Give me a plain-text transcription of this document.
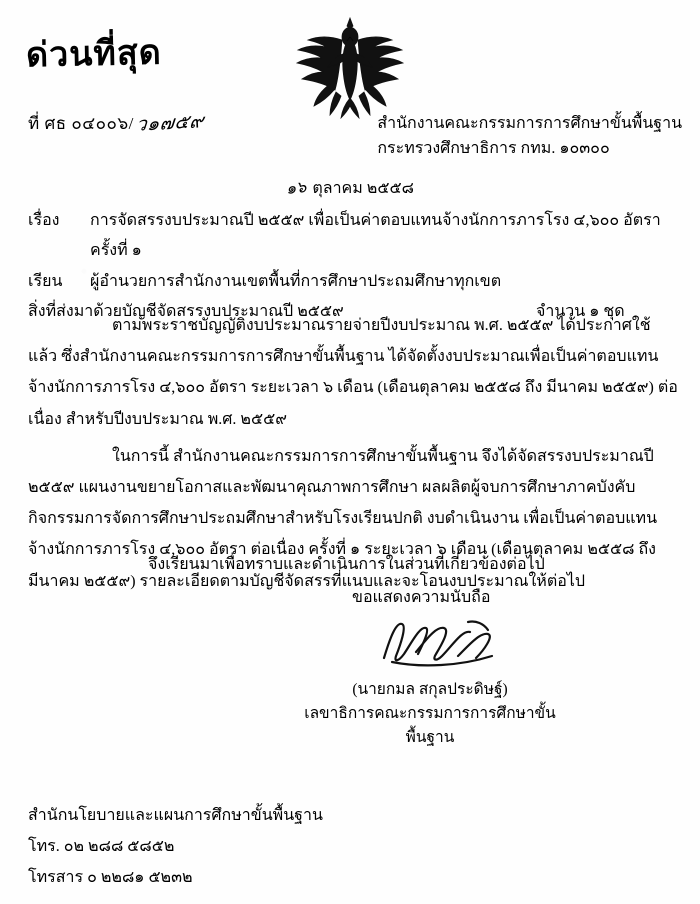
ด่วนที่สุด
ที่ ศธ ๐๔๐๐๖/ว๑๗๕๙	สำนักงานคณะกรรมการการศึกษาขั้นพื้นฐาน
กระทรวงศึกษาธิการ กทม. ๑๐๓๐๐
๑๖ ตุลาคม ๒๕๕๘
เรื่อง	การจัดสรรงบประมาณปี ๒๕๕๙ เพื่อเป็นค่าตอบแทนจ้างนักการภารโรง ๔,๖๐๐ อัตรา ครั้งที่ ๑
เรียน	ผู้อำนวยการสำนักงานเขตพื้นที่การศึกษาประถมศึกษาทุกเขต
สิ่งที่ส่งมาด้วย บัญชีจัดสรรงบประมาณปี ๒๕๕๙	จำนวน ๑ ชุด
ตามพระราชบัญญัติงบประมาณรายจ่ายปีงบประมาณ พ.ศ. ๒๕๕๙ ได้ประกาศใช้แล้ว ซึ่งสำนักงานคณะกรรมการการศึกษาขั้นพื้นฐาน ได้จัดตั้งงบประมาณเพื่อเป็นค่าตอบแทนจ้างนักการภารโรง ๔,๖๐๐ อัตรา ระยะเวลา ๖ เดือน (เดือนตุลาคม ๒๕๕๘ ถึง มีนาคม ๒๕๕๙) ต่อเนื่อง สำหรับปีงบประมาณ พ.ศ. ๒๕๕๙
ในการนี้ สำนักงานคณะกรรมการการศึกษาขั้นพื้นฐาน จึงได้จัดสรรงบประมาณปี ๒๕๕๙ แผนงานขยายโอกาสและพัฒนาคุณภาพการศึกษา ผลผลิตผู้จบการศึกษาภาคบังคับ กิจกรรมการจัดการศึกษาประถมศึกษาสำหรับโรงเรียนปกติ งบดำเนินงาน เพื่อเป็นค่าตอบแทนจ้างนักการภารโรง ๔,๖๐๐ อัตรา ต่อเนื่อง ครั้งที่ ๑ ระยะเวลา ๖ เดือน (เดือนตุลาคม ๒๕๕๘ ถึง มีนาคม ๒๕๕๙) รายละเอียดตามบัญชีจัดสรรที่แนบและจะโอนงบประมาณให้ต่อไป
จึงเรียนมาเพื่อทราบและดำเนินการในส่วนที่เกี่ยวข้องต่อไป
ขอแสดงความนับถือ
(นายกมล สกุลประดิษฐ์)
เลขาธิการคณะกรรมการการศึกษาขั้นพื้นฐาน
สำนักนโยบายและแผนการศึกษาขั้นพื้นฐาน
โทร. ๐๒ ๒๘๘ ๕๘๕๒
โทรสาร ๐ ๒๒๘๑ ๕๒๓๒
